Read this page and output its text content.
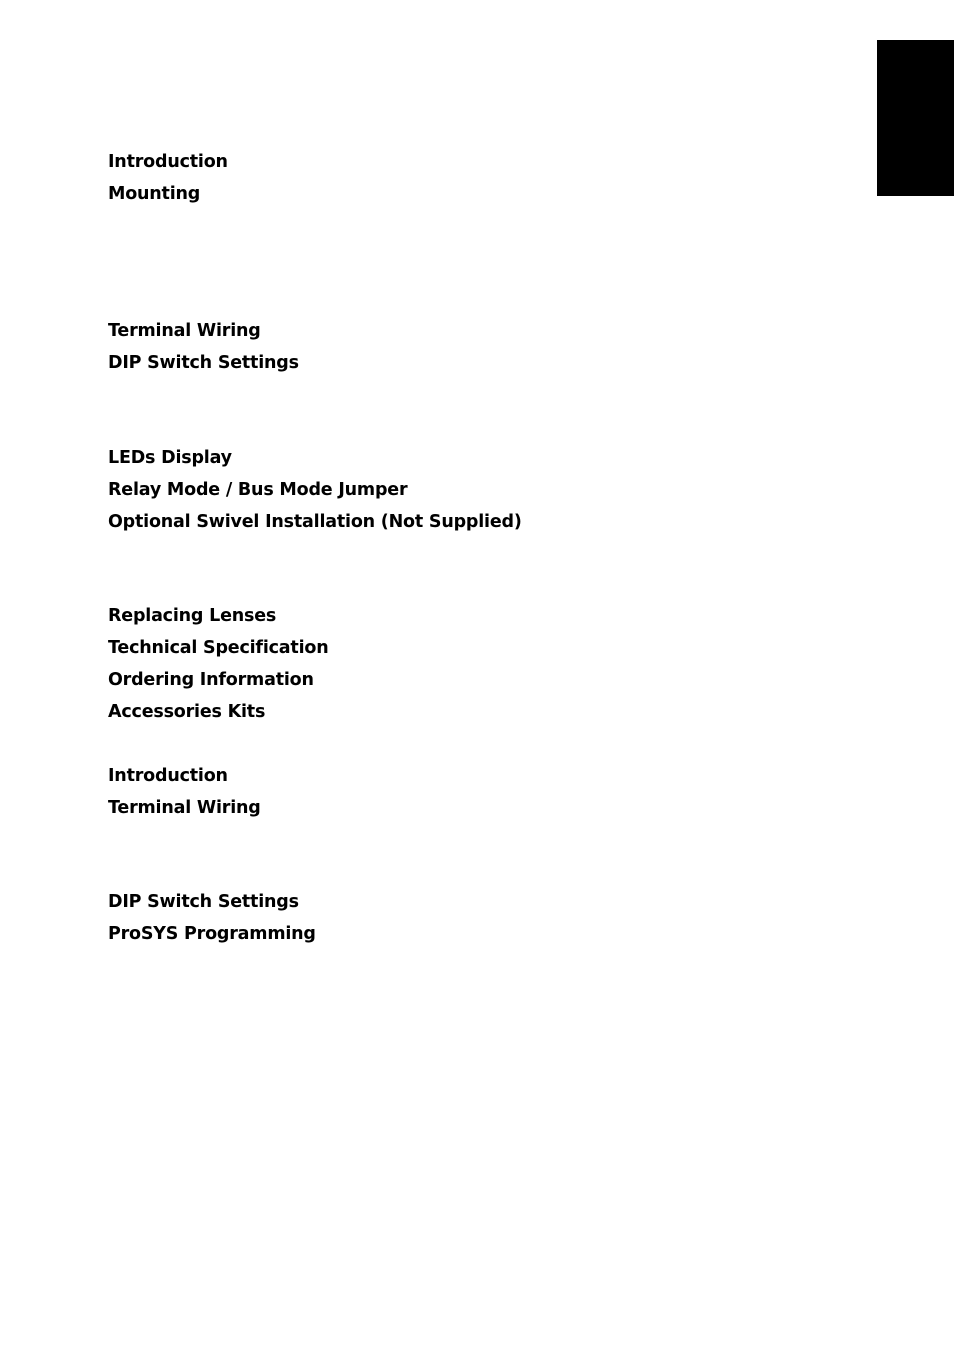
Introduction
Mounting
Terminal Wiring
DIP Switch Settings
LEDs Display
Relay Mode / Bus Mode Jumper
Optional Swivel Installation (Not Supplied)
Replacing Lenses
Technical Specification
Ordering Information
Accessories Kits
Introduction
Terminal Wiring
DIP Switch Settings
ProSYS Programming
